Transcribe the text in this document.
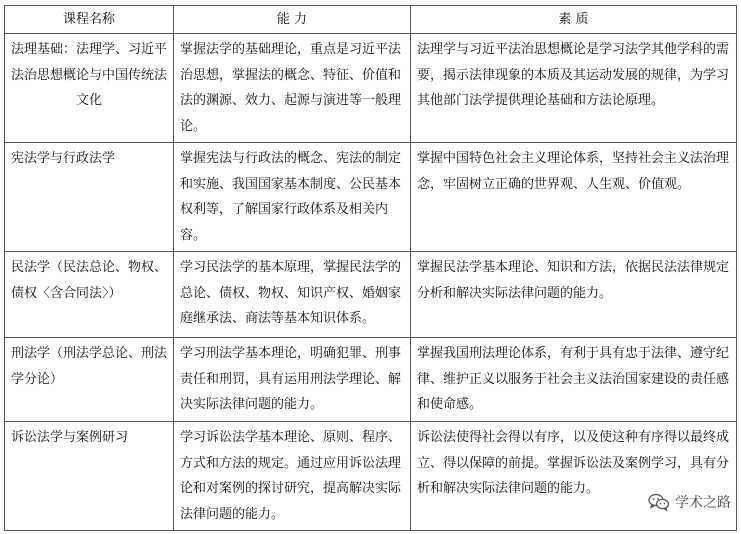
课程名称	能 力	素 质
法理基础：法理学、习近平法治思想概论与中国传统法文化	掌握法学的基础理论，重点是习近平法治思想，掌握法的概念、特征、价值和法的渊源、效力、起源与演进等一般理论。	法理学与习近平法治思想概论是学习法学其他学科的需要，揭示法律现象的本质及其运动发展的规律，为学习其他部门法学提供理论基础和方法论原理。
宪法学与行政法学	掌握宪法与行政法的概念、宪法的制定和实施、我国国家基本制度、公民基本权利等，了解国家行政体系及相关内容。	掌握中国特色社会主义理论体系，坚持社会主义法治理念，牢固树立正确的世界观、人生观、价值观。
民法学（民法总论、物权、债权〈含合同法〉）	学习民法学的基本原理，掌握民法学的总论、债权、物权、知识产权、婚姻家庭继承法、商法等基本知识体系。	掌握民法学基本理论、知识和方法，依据民法法律规定分析和解决实际法律问题的能力。
刑法学（刑法学总论、刑法学分论）	学习刑法学基本理论，明确犯罪、刑事责任和刑罚，具有运用刑法学理论、解决实际法律问题的能力。	掌握我国刑法理论体系，有利于具有忠于法律、遵守纪律、维护正义以服务于社会主义法治国家建设的责任感和使命感。
诉讼法学与案例研习	学习诉讼法学基本理论、原则、程序、方式和方法的规定。通过应用诉讼法理论和对案例的探讨研究，提高解决实际法律问题的能力。	诉讼法使得社会得以有序，以及使这种有序得以最终成立、得以保障的前提。掌握诉讼法及案例学习，具有分析和解决实际法律问题的能力。
学术之路
